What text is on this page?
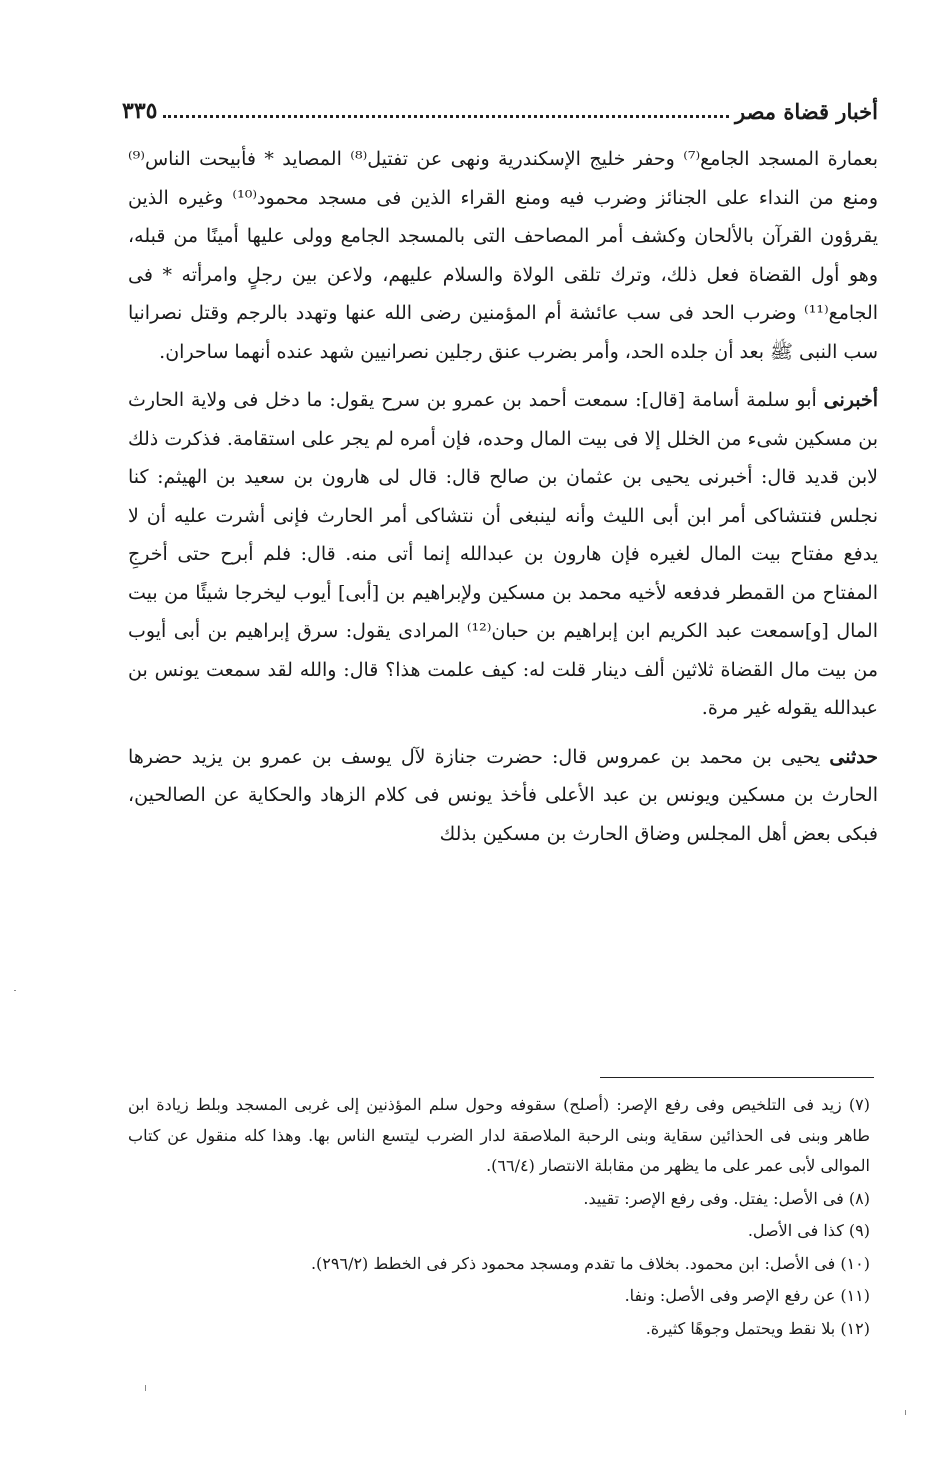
أخبار قضاة مصر
٣٣٥

بعمارة المسجد الجامع⁽⁷⁾ وحفر خليج الإسكندرية ونهى عن تفتيل⁽⁸⁾ المصايد * فأبيحت الناس⁽⁹⁾ ومنع من النداء على الجنائز وضرب فيه ومنع القراء الذين فى مسجد محمود⁽¹⁰⁾ وغيره الذين يقرؤون القرآن بالألحان وكشف أمر المصاحف التى بالمسجد الجامع وولى عليها أمينًا من قبله، وهو أول القضاة فعل ذلك، وترك تلقى الولاة والسلام عليهم، ولاعن بين رجلٍ وامرأته * فى الجامع⁽¹¹⁾ وضرب الحد فى سب عائشة أم المؤمنين رضى الله عنها وتهدد بالرجم وقتل نصرانيا سب النبى ﷺ بعد أن جلده الحد، وأمر بضرب عنق رجلين نصرانيين شهد عنده أنهما ساحران.

أخبرنى أبو سلمة أسامة [قال]: سمعت أحمد بن عمرو بن سرح يقول: ما دخل فى ولاية الحارث بن مسكين شىء من الخلل إلا فى بيت المال وحده، فإن أمره لم يجر على استقامة. فذكرت ذلك لابن قديد قال: أخبرنى يحيى بن عثمان بن صالح قال: قال لى هارون بن سعيد بن الهيثم: كنا نجلس فنتشاكى أمر ابن أبى الليث وأنه لينبغى أن نتشاكى أمر الحارث فإنى أشرت عليه أن لا يدفع مفتاح بيت المال لغيره فإن هارون بن عبدالله إنما أتى منه. قال: فلم أبرح حتى أخرجِ المفتاح من القمطر فدفعه لأخيه محمد بن مسكين ولإبراهيم بن [أبى] أيوب ليخرجا شيئًا من بيت المال [و]سمعت عبد الكريم ابن إبراهيم بن حبان⁽¹²⁾ المرادى يقول: سرق إبراهيم بن أبى أيوب من بيت مال القضاة ثلاثين ألف دينار قلت له: كيف علمت هذا؟ قال: والله لقد سمعت يونس بن عبدالله يقوله غير مرة.

حدثنى يحيى بن محمد بن عمروس قال: حضرت جنازة لآل يوسف بن عمرو بن يزيد حضرها الحارث بن مسكين ويونس بن عبد الأعلى فأخذ يونس فى كلام الزهاد والحكاية عن الصالحين، فبكى بعض أهل المجلس وضاق الحارث بن مسكين بذلك

(٧) زيد فى التلخيص وفى رفع الإصر: (أصلح) سقوفه وحول سلم المؤذنين إلى غربى المسجد وبلط زيادة ابن طاهر وبنى فى الحذائين سقاية وبنى الرحبة الملاصقة لدار الضرب ليتسع الناس بها. وهذا كله منقول عن كتاب الموالى لأبى عمر على ما يظهر من مقابلة الانتصار (٦٦/٤).

(٨) فى الأصل: يفتل. وفى رفع الإصر: تقييد.

(٩) كذا فى الأصل.

(١٠) فى الأصل: ابن محمود. بخلاف ما تقدم ومسجد محمود ذكر فى الخطط (٢٩٦/٢).

(١١) عن رفع الإصر وفى الأصل: ونفا.

(١٢) بلا نقط ويحتمل وجوهًا كثيرة.
